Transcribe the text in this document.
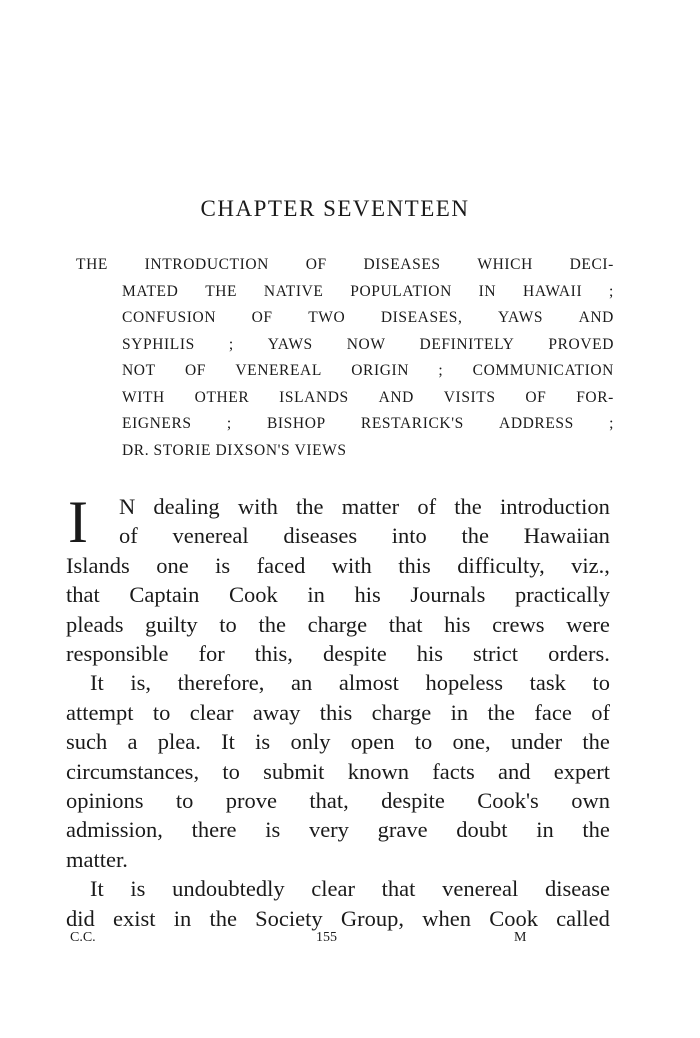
CHAPTER SEVENTEEN
THE INTRODUCTION OF DISEASES WHICH DECI-
MATED THE NATIVE POPULATION IN HAWAII ;
CONFUSION OF TWO DISEASES, YAWS AND
SYPHILIS ; YAWS NOW DEFINITELY PROVED
NOT OF VENEREAL ORIGIN ; COMMUNICATION
WITH OTHER ISLANDS AND VISITS OF FOR-
EIGNERS ; BISHOP RESTARICK'S ADDRESS ;
DR. STORIE DIXSON'S VIEWS
I N dealing with the matter of the introduction
of venereal diseases into the Hawaiian
Islands one is faced with this difficulty, viz.,
that Captain Cook in his Journals practically
pleads guilty to the charge that his crews were
responsible for this, despite his strict orders.
It is, therefore, an almost hopeless task to
attempt to clear away this charge in the face of
such a plea. It is only open to one, under the
circumstances, to submit known facts and expert
opinions to prove that, despite Cook's own
admission, there is very grave doubt in the
matter.
It is undoubtedly clear that venereal disease
did exist in the Society Group, when Cook called
C.C.	155	M
